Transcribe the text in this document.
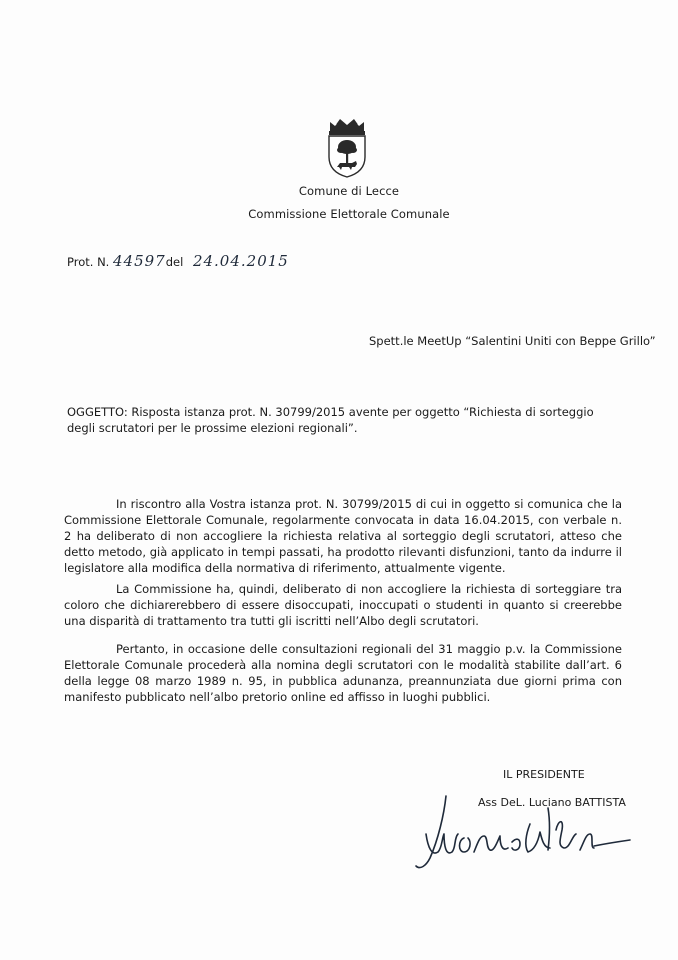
Comune di Lecce
Commissione Elettorale Comunale
Prot. N. 44597del 24.04.2015
Spett.le MeetUp “Salentini Uniti con Beppe Grillo”
OGGETTO: Risposta istanza prot. N. 30799/2015 avente per oggetto “Richiesta di sorteggio degli scrutatori per le prossime elezioni regionali”.

In riscontro alla Vostra istanza prot. N. 30799/2015 di cui in oggetto si comunica che la Commissione Elettorale Comunale, regolarmente convocata in data 16.04.2015, con verbale n. 2 ha deliberato di non accogliere la richiesta relativa al sorteggio degli scrutatori, atteso che detto metodo, già applicato in tempi passati, ha prodotto rilevanti disfunzioni, tanto da indurre il legislatore alla modifica della normativa di riferimento, attualmente vigente.

La Commissione ha, quindi, deliberato di non accogliere la richiesta di sorteggiare tra coloro che dichiarerebbero di essere disoccupati, inoccupati o studenti in quanto si creerebbe una disparità di trattamento tra tutti gli iscritti nell’Albo degli scrutatori.

Pertanto, in occasione delle consultazioni regionali del 31 maggio p.v. la Commissione Elettorale Comunale procederà alla nomina degli scrutatori con le modalità stabilite dall’art. 6 della legge 08 marzo 1989 n. 95, in pubblica adunanza, preannunziata due giorni prima con manifesto pubblicato nell’albo pretorio online ed affisso in luoghi pubblici.

IL PRESIDENTE
Ass DeL. Luciano BATTISTA
